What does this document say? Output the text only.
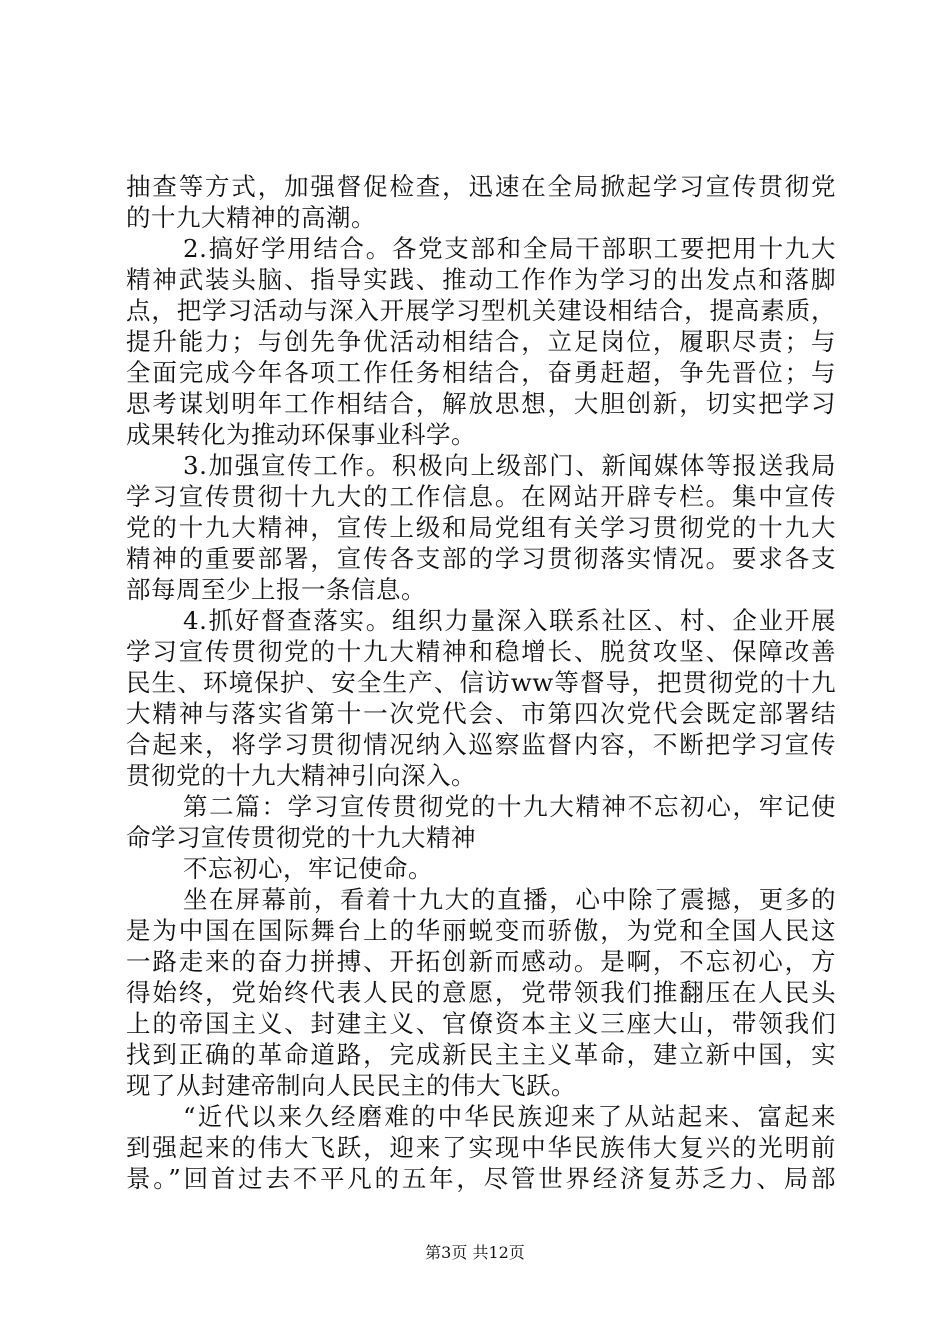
抽查等方式，加强督促检查，迅速在全局掀起学习宣传贯彻党
的十九大精神的高潮。
2.搞好学用结合。各党支部和全局干部职工要把用十九大
精神武装头脑、指导实践、推动工作作为学习的出发点和落脚
点，把学习活动与深入开展学习型机关建设相结合，提高素质，
提升能力；与创先争优活动相结合，立足岗位，履职尽责；与
全面完成今年各项工作任务相结合，奋勇赶超，争先晋位；与
思考谋划明年工作相结合，解放思想，大胆创新，切实把学习
成果转化为推动环保事业科学。
3.加强宣传工作。积极向上级部门、新闻媒体等报送我局
学习宣传贯彻十九大的工作信息。在网站开辟专栏。集中宣传
党的十九大精神，宣传上级和局党组有关学习贯彻党的十九大
精神的重要部署，宣传各支部的学习贯彻落实情况。要求各支
部每周至少上报一条信息。
4.抓好督查落实。组织力量深入联系社区、村、企业开展
学习宣传贯彻党的十九大精神和稳增长、脱贫攻坚、保障改善
民生、环境保护、安全生产、信访ww等督导，把贯彻党的十九
大精神与落实省第十一次党代会、市第四次党代会既定部署结
合起来，将学习贯彻情况纳入巡察监督内容，不断把学习宣传
贯彻党的十九大精神引向深入。
第二篇：学习宣传贯彻党的十九大精神不忘初心，牢记使
命学习宣传贯彻党的十九大精神
不忘初心，牢记使命。
坐在屏幕前，看着十九大的直播，心中除了震撼，更多的
是为中国在国际舞台上的华丽蜕变而骄傲，为党和全国人民这
一路走来的奋力拼搏、开拓创新而感动。是啊，不忘初心，方
得始终，党始终代表人民的意愿，党带领我们推翻压在人民头
上的帝国主义、封建主义、官僚资本主义三座大山，带领我们
找到正确的革命道路，完成新民主主义革命，建立新中国，实
现了从封建帝制向人民民主的伟大飞跃。
“近代以来久经磨难的中华民族迎来了从站起来、富起来
到强起来的伟大飞跃，迎来了实现中华民族伟大复兴的光明前
景。”回首过去不平凡的五年，尽管世界经济复苏乏力、局部
第3页 共12页
